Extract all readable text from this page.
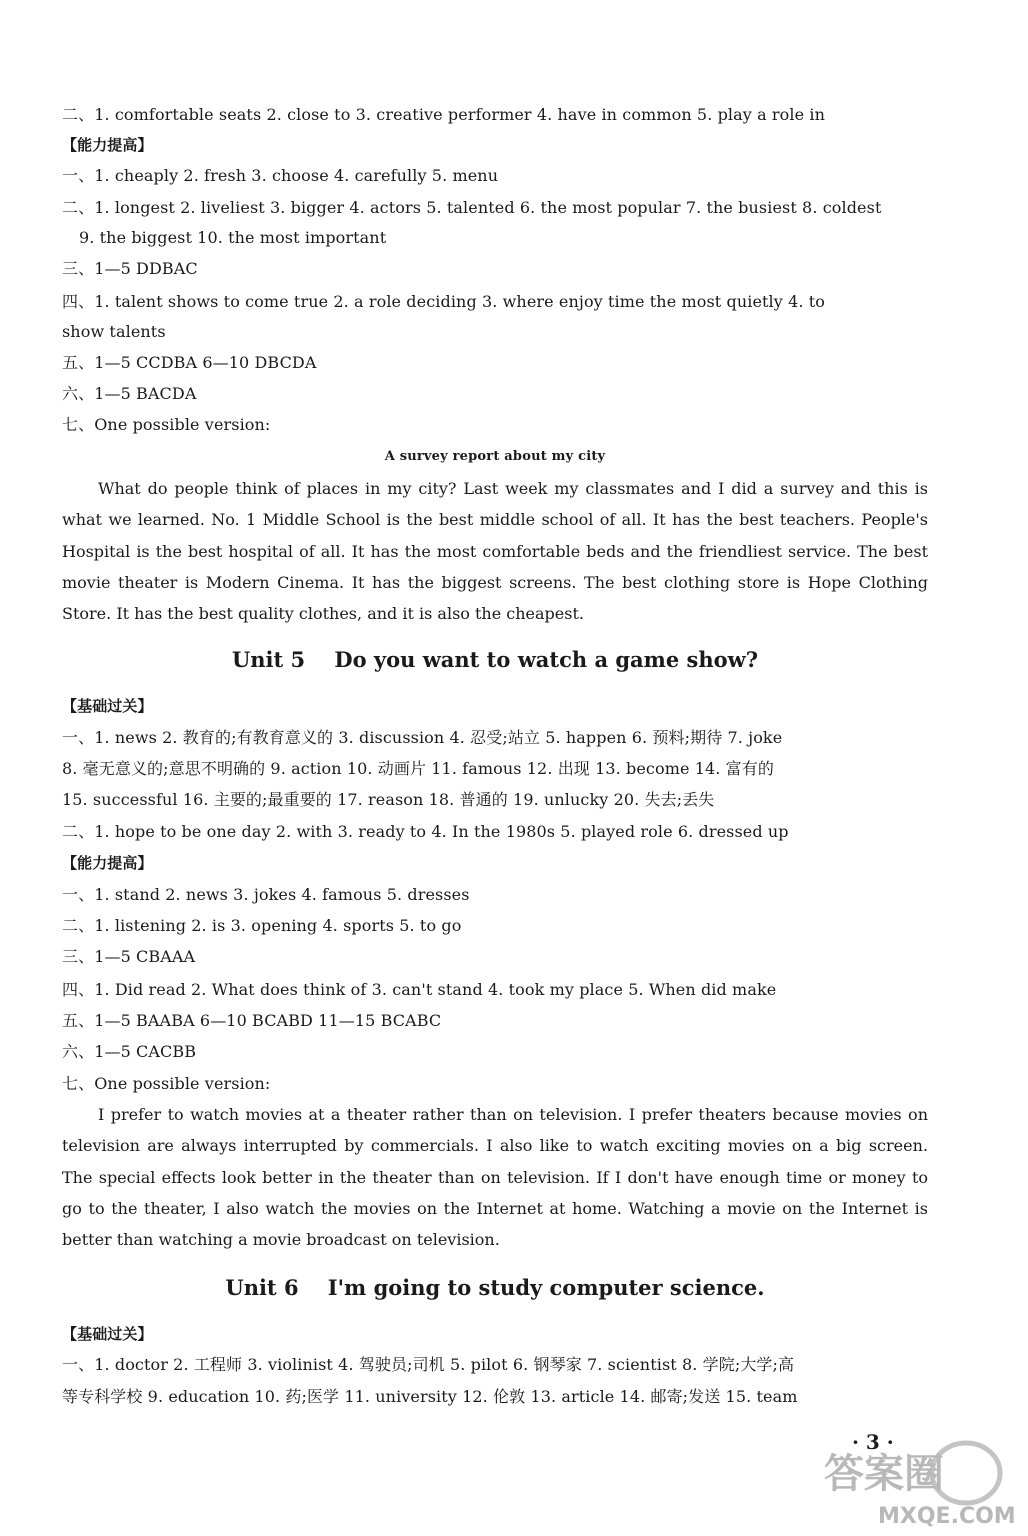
二、1. comfortable seats 2. close to 3. creative performer 4. have in common 5. play a role in
【能力提高】
一、1. cheaply 2. fresh 3. choose 4. carefully 5. menu
二、1. longest 2. liveliest 3. bigger 4. actors 5. talented 6. the most popular 7. the busiest 8. coldest
9. the biggest 10. the most important
三、1—5 DDBAC
四、1. talent shows to come true 2. a role deciding 3. where enjoy time the most quietly 4. to
show talents
五、1—5 CCDBA 6—10 DBCDA
六、1—5 BACDA
七、One possible version:
A survey report about my city

What do people think of places in my city? Last week my classmates and I did a survey and this is what we learned. No. 1 Middle School is the best middle school of all. It has the best teachers. People's Hospital is the best hospital of all. It has the most comfortable beds and the friendliest service. The best movie theater is Modern Cinema. It has the biggest screens. The best clothing store is Hope Clothing Store. It has the best quality clothes, and it is also the cheapest.

Unit 5    Do you want to watch a game show?
【基础过关】
一、1. news 2. 教育的;有教育意义的 3. discussion 4. 忍受;站立 5. happen 6. 预料;期待 7. joke
8. 毫无意义的;意思不明确的 9. action 10. 动画片 11. famous 12. 出现 13. become 14. 富有的
15. successful 16. 主要的;最重要的 17. reason 18. 普通的 19. unlucky 20. 失去;丢失
二、1. hope to be one day 2. with 3. ready to 4. In the 1980s 5. played role 6. dressed up
【能力提高】
一、1. stand 2. news 3. jokes 4. famous 5. dresses
二、1. listening 2. is 3. opening 4. sports 5. to go
三、1—5 CBAAA
四、1. Did read 2. What does think of 3. can't stand 4. took my place 5. When did make
五、1—5 BAABA 6—10 BCABD 11—15 BCABC
六、1—5 CACBB
七、One possible version:

I prefer to watch movies at a theater rather than on television. I prefer theaters because movies on television are always interrupted by commercials. I also like to watch exciting movies on a big screen. The special effects look better in the theater than on television. If I don't have enough time or money to go to the theater, I also watch the movies on the Internet at home. Watching a movie on the Internet is better than watching a movie broadcast on television.

Unit 6    I'm going to study computer science.
【基础过关】
一、1. doctor 2. 工程师 3. violinist 4. 驾驶员;司机 5. pilot 6. 钢琴家 7. scientist 8. 学院;大学;高
等专科学校 9. education 10. 药;医学 11. university 12. 伦敦 13. article 14. 邮寄;发送 15. team
· 3 ·
答案圈
MXQE.COM
